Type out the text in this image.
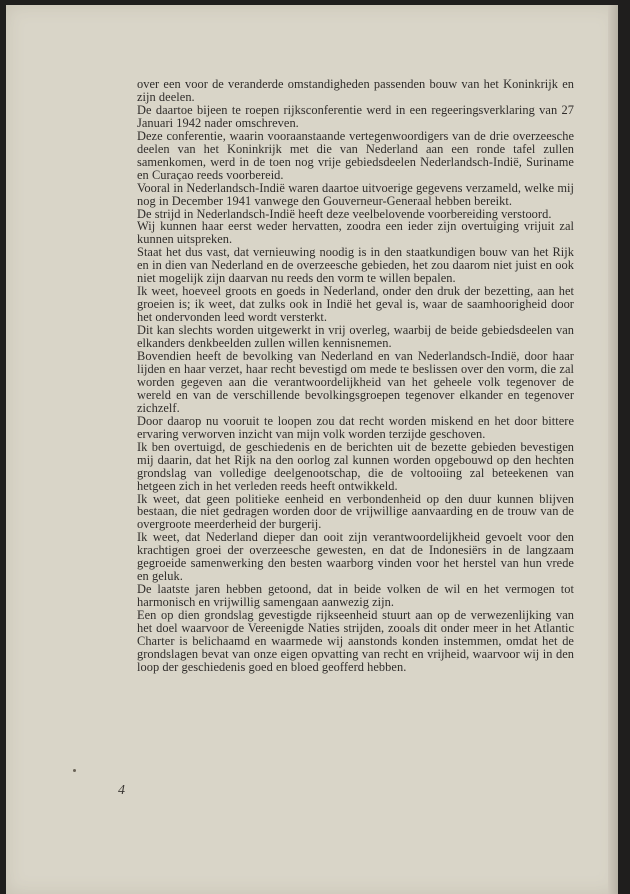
over een voor de veranderde omstandigheden passenden bouw van het Koninkrijk en zijn deelen.

De daartoe bijeen te roepen rijksconferentie werd in een regeeringsverklaring van 27 Januari 1942 nader omschreven.

Deze conferentie, waarin vooraanstaande vertegenwoordigers van de drie overzeesche deelen van het Koninkrijk met die van Nederland aan een ronde tafel zullen samenkomen, werd in de toen nog vrije gebiedsdeelen Nederlandsch-Indië, Suriname en Curaçao reeds voorbereid.

Vooral in Nederlandsch-Indië waren daartoe uitvoerige gegevens verzameld, welke mij nog in December 1941 vanwege den Gouverneur-Generaal hebben bereikt.

De strijd in Nederlandsch-Indië heeft deze veelbelovende voorbereiding verstoord.

Wij kunnen haar eerst weder hervatten, zoodra een ieder zijn overtuiging vrijuit zal kunnen uitspreken.

Staat het dus vast, dat vernieuwing noodig is in den staatkundigen bouw van het Rijk en in dien van Nederland en de overzeesche gebieden, het zou daarom niet juist en ook niet mogelijk zijn daarvan nu reeds den vorm te willen bepalen.

Ik weet, hoeveel groots en goeds in Nederland, onder den druk der bezetting, aan het groeien is; ik weet, dat zulks ook in Indië het geval is, waar de saamhoorigheid door het ondervonden leed wordt versterkt.

Dit kan slechts worden uitgewerkt in vrij overleg, waarbij de beide gebiedsdeelen van elkanders denkbeelden zullen willen kennisnemen.

Bovendien heeft de bevolking van Nederland en van Nederlandsch-Indië, door haar lijden en haar verzet, haar recht bevestigd om mede te beslissen over den vorm, die zal worden gegeven aan die verantwoordelijkheid van het geheele volk tegenover de wereld en van de verschillende bevolkingsgroepen tegenover elkander en tegenover zichzelf.

Door daarop nu vooruit te loopen zou dat recht worden miskend en het door bittere ervaring verworven inzicht van mijn volk worden terzijde geschoven.

Ik ben overtuigd, de geschiedenis en de berichten uit de bezette gebieden bevestigen mij daarin, dat het Rijk na den oorlog zal kunnen worden opgebouwd op den hechten grondslag van volledige deelgenootschap, die de voltooiing zal beteekenen van hetgeen zich in het verleden reeds heeft ontwikkeld.

Ik weet, dat geen politieke eenheid en verbondenheid op den duur kunnen blijven bestaan, die niet gedragen worden door de vrijwillige aanvaarding en de trouw van de overgroote meerderheid der burgerij.

Ik weet, dat Nederland dieper dan ooit zijn verantwoordelijkheid gevoelt voor den krachtigen groei der overzeesche gewesten, en dat de Indonesiërs in de langzaam gegroeide samenwerking den besten waarborg vinden voor het herstel van hun vrede en geluk.

De laatste jaren hebben getoond, dat in beide volken de wil en het vermogen tot harmonisch en vrijwillig samengaan aanwezig zijn.

Een op dien grondslag gevestigde rijkseenheid stuurt aan op de verwezenlijking van het doel waarvoor de Vereenigde Naties strijden, zooals dit onder meer in het Atlantic Charter is belichaamd en waarmede wij aanstonds konden instemmen, omdat het de grondslagen bevat van onze eigen opvatting van recht en vrijheid, waarvoor wij in den loop der geschiedenis goed en bloed geofferd hebben.

4
